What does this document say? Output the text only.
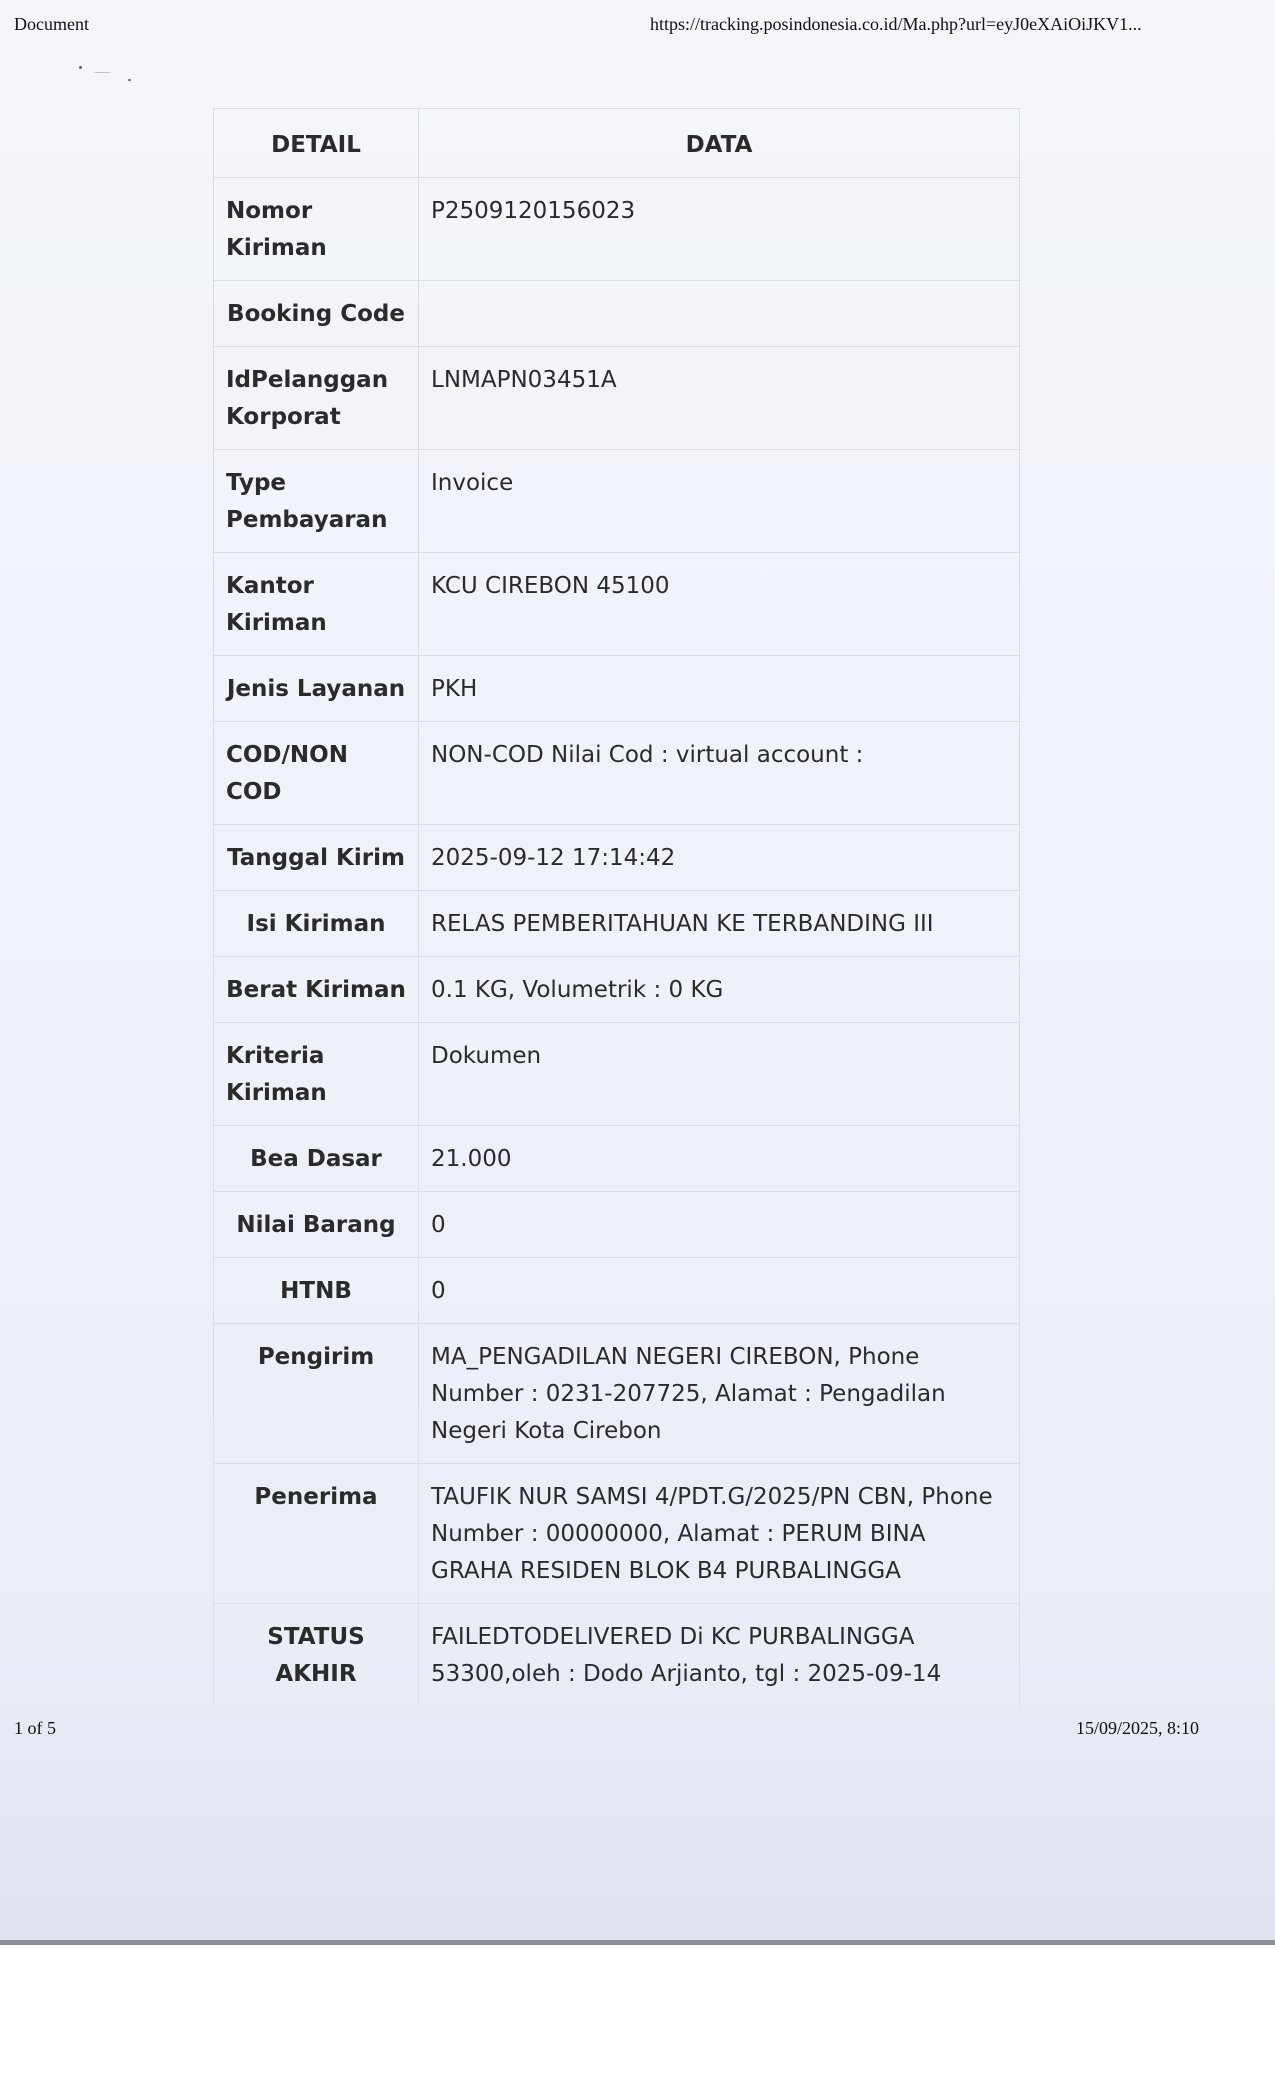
Document	https://tracking.posindonesia.co.id/Ma.php?url=eyJ0eXAiOiJKV1...
DETAIL	DATA
Nomor Kiriman	P2509120156023
Booking Code	
IdPelanggan Korporat	LNMAPN03451A
Type Pembayaran	Invoice
Kantor Kiriman	KCU CIREBON 45100
Jenis Layanan	PKH
COD/NON COD	NON-COD Nilai Cod : virtual account :
Tanggal Kirim	2025-09-12 17:14:42
Isi Kiriman	RELAS PEMBERITAHUAN KE TERBANDING III
Berat Kiriman	0.1 KG, Volumetrik : 0 KG
Kriteria Kiriman	Dokumen
Bea Dasar	21.000
Nilai Barang	0
HTNB	0
Pengirim	MA_PENGADILAN NEGERI CIREBON, Phone Number : 0231-207725, Alamat : Pengadilan Negeri Kota Cirebon
Penerima	TAUFIK NUR SAMSI 4/PDT.G/2025/PN CBN, Phone Number : 00000000, Alamat : PERUM BINA GRAHA RESIDEN BLOK B4 PURBALINGGA
STATUS AKHIR	FAILEDTODELIVERED Di KC PURBALINGGA 53300,oleh : Dodo Arjianto, tgl : 2025-09-14
1 of 5	15/09/2025, 8:10
